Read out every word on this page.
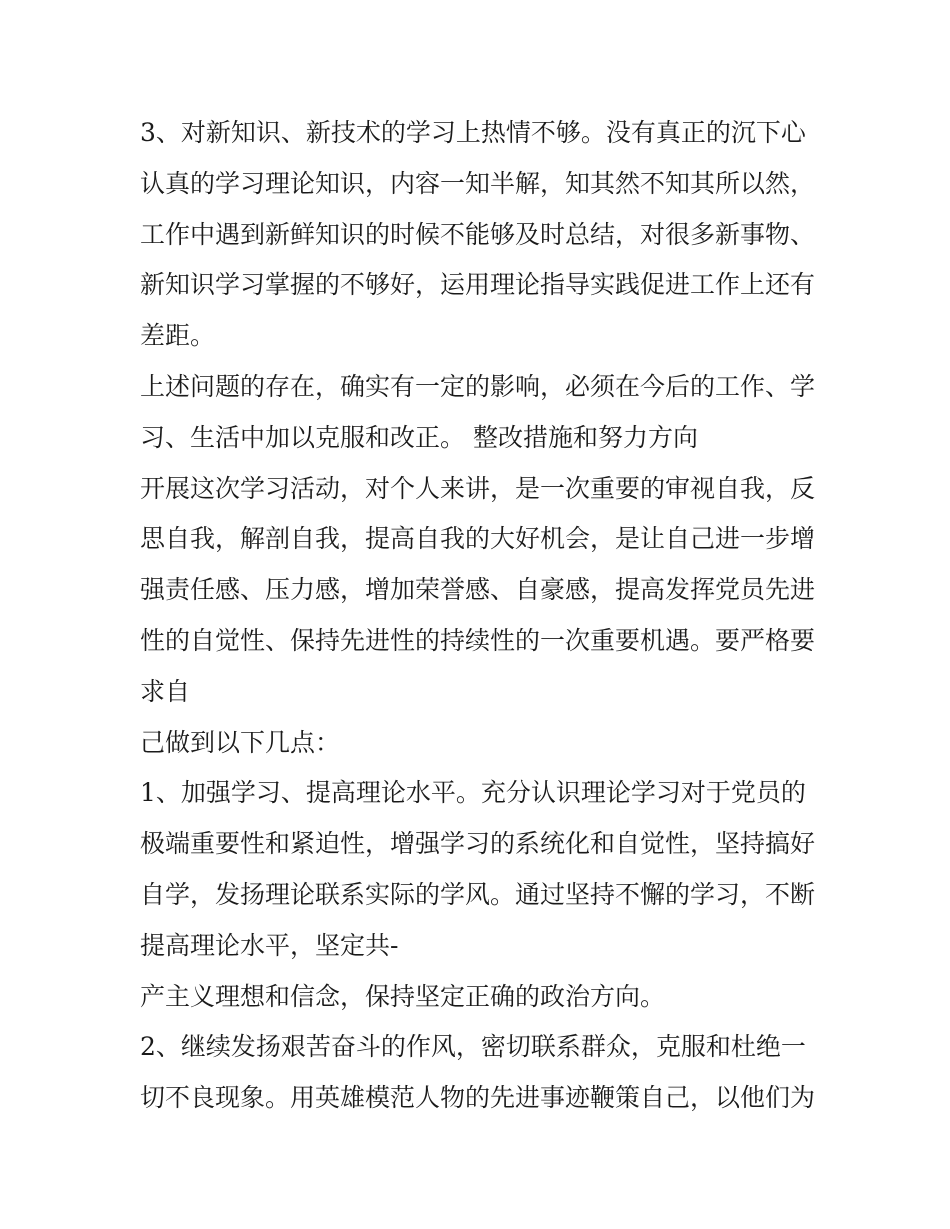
3、对新知识、新技术的学习上热情不够。没有真正的沉下心
认真的学习理论知识，内容一知半解，知其然不知其所以然，
工作中遇到新鲜知识的时候不能够及时总结，对很多新事物、
新知识学习掌握的不够好，运用理论指导实践促进工作上还有
差距。
上述问题的存在，确实有一定的影响，必须在今后的工作、学
习、生活中加以克服和改正。 整改措施和努力方向
开展这次学习活动，对个人来讲，是一次重要的审视自我，反
思自我，解剖自我，提高自我的大好机会，是让自己进一步增
强责任感、压力感，增加荣誉感、自豪感，提高发挥党员先进
性的自觉性、保持先进性的持续性的一次重要机遇。要严格要
求自
己做到以下几点：
1、加强学习、提高理论水平。充分认识理论学习对于党员的
极端重要性和紧迫性，增强学习的系统化和自觉性，坚持搞好
自学，发扬理论联系实际的学风。通过坚持不懈的学习，不断
提高理论水平，坚定共-
产主义理想和信念，保持坚定正确的政治方向。
2、继续发扬艰苦奋斗的作风，密切联系群众，克服和杜绝一
切不良现象。用英雄模范人物的先进事迹鞭策自己，以他们为
